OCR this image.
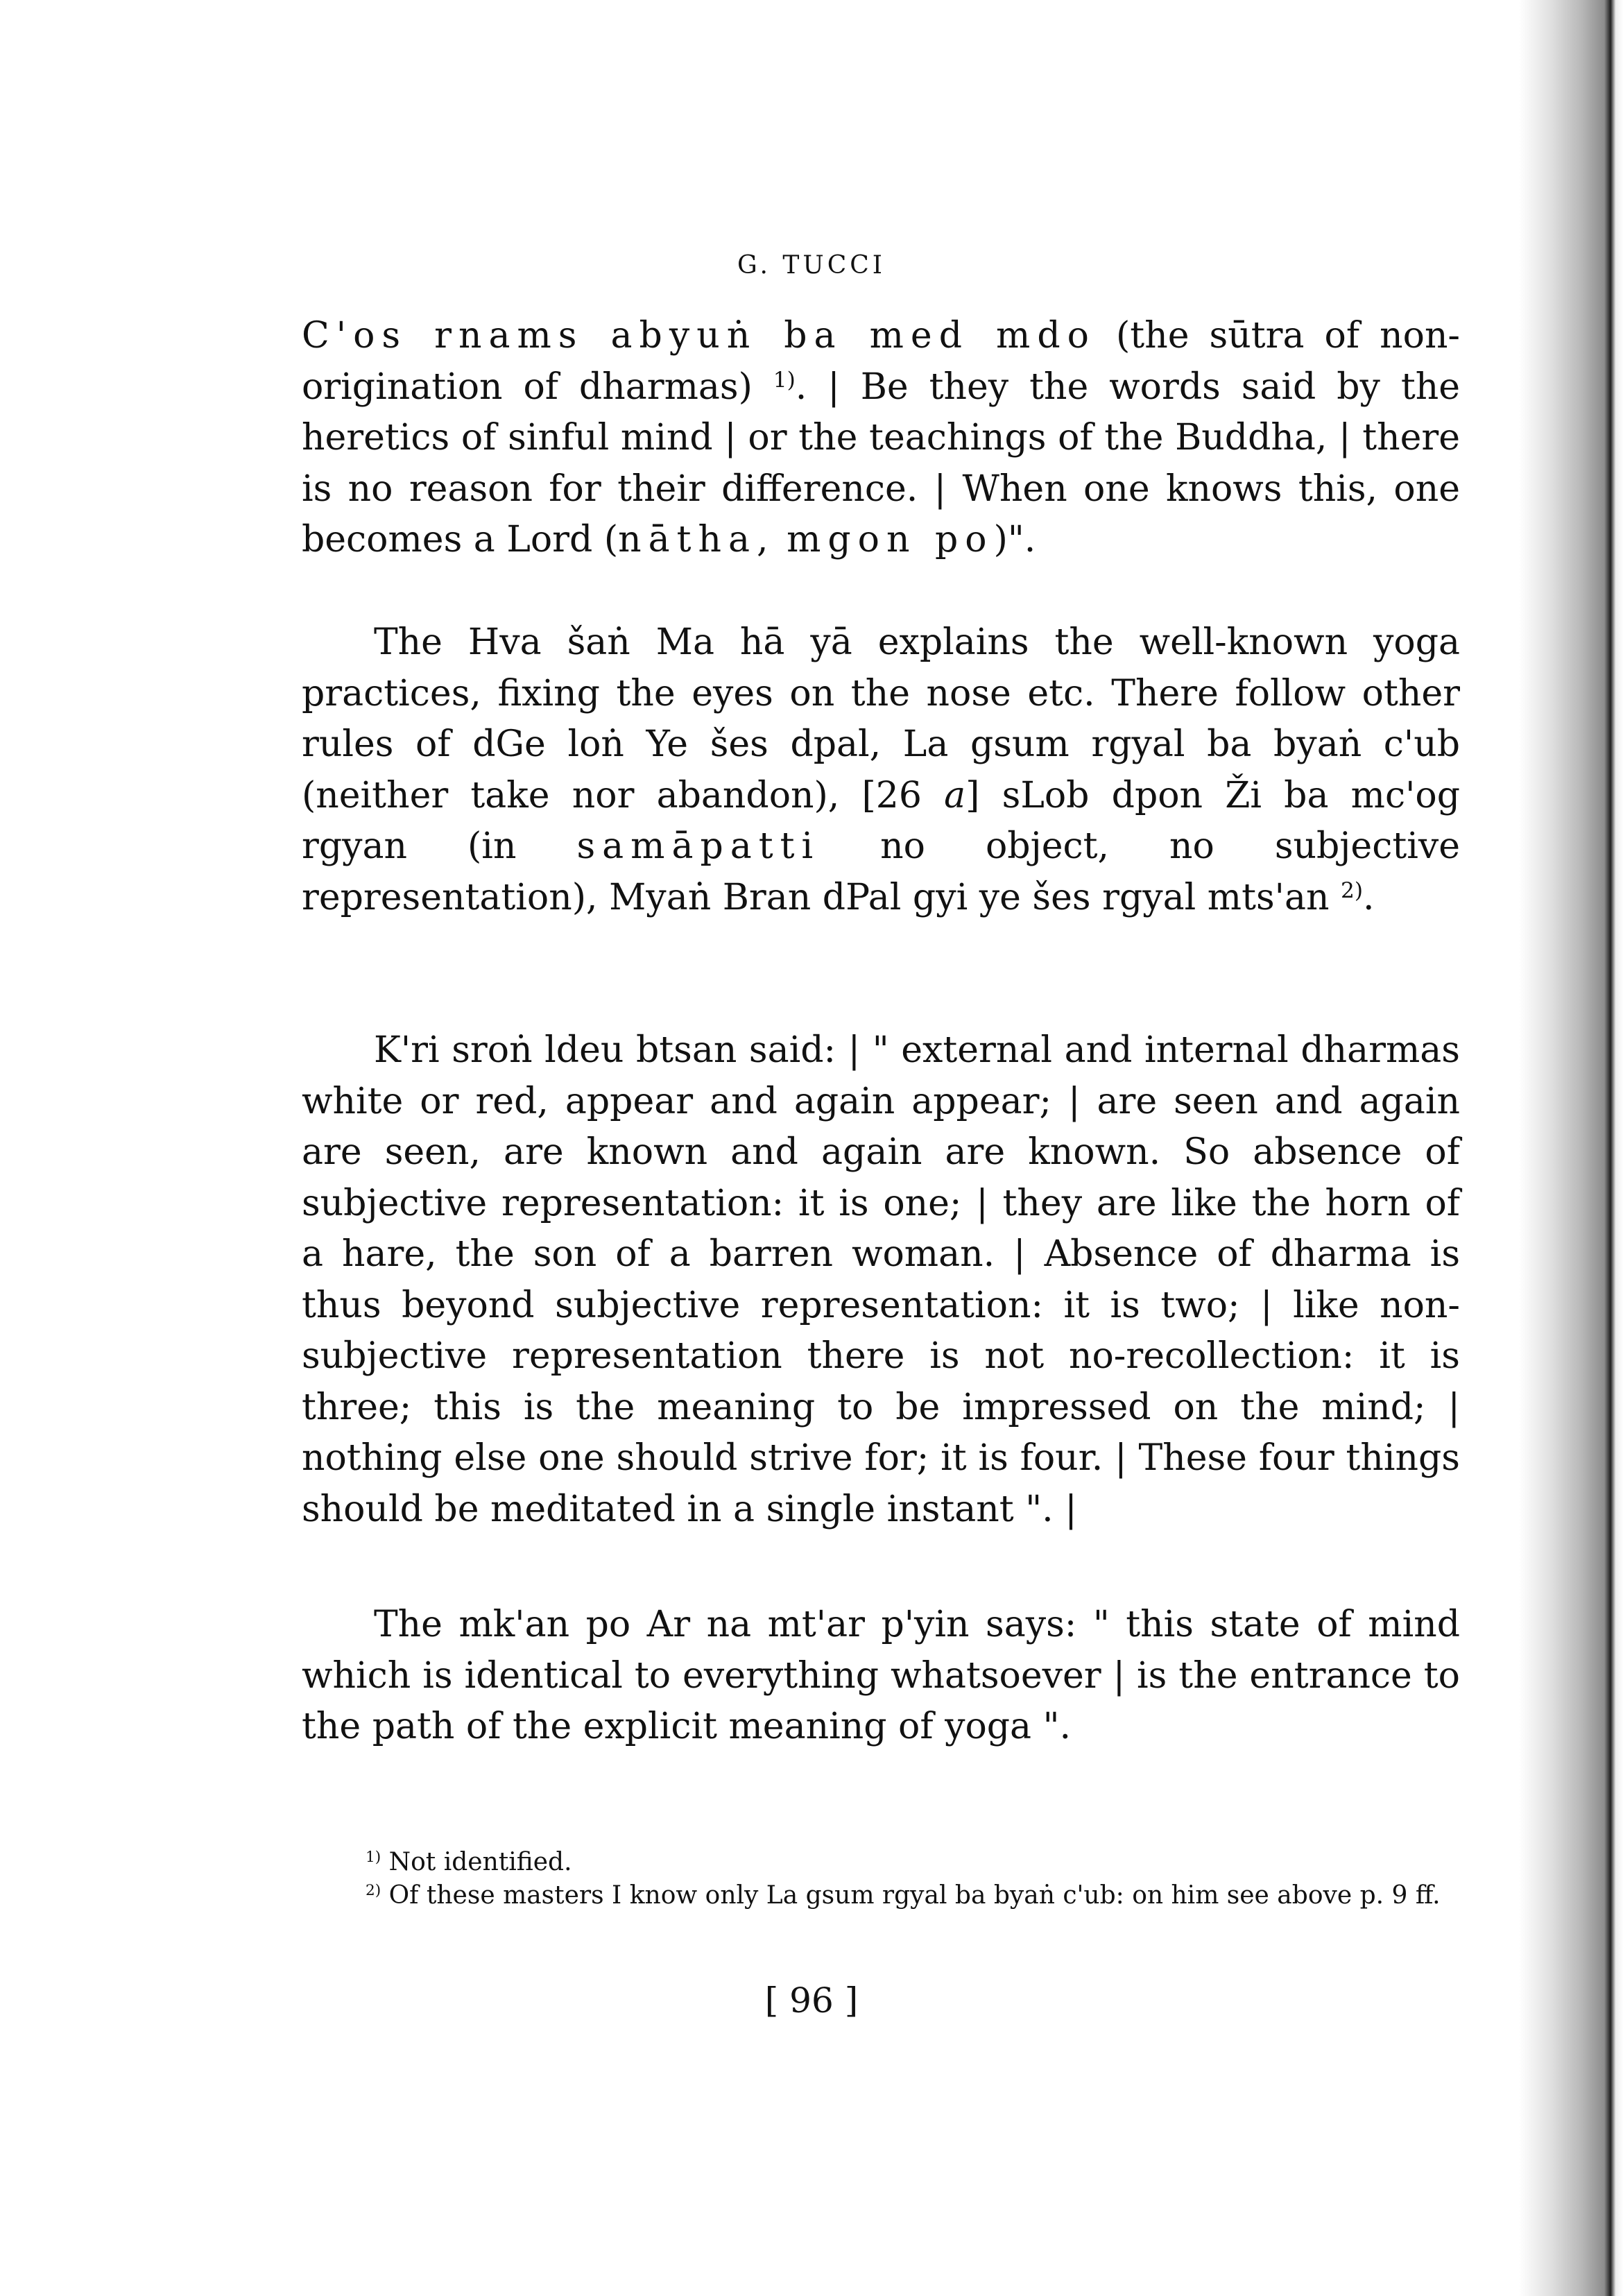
G. TUCCI

C'os rnams abyuṅ ba med mdo (the sūtra of non-origination of dharmas) $^{1)}$. | Be they the words said by the heretics of sinful mind | or the teachings of the Buddha, | there is no reason for their difference. | When one knows this, one becomes a Lord (nātha, mgon po)".

The Hva šaṅ Ma hā yā explains the well-known yoga practices, fixing the eyes on the nose etc. There follow other rules of dGe loṅ Ye šes dpal, La gsum rgyal ba byaṅ c'ub (neither take nor abandon), [26 a] sLob dpon Ži ba mc'og rgyan (in samāpatti no object, no subjective representation), Myaṅ Bran dPal gyi ye šes rgyal mts'an $^{2)}$.

K'ri sroṅ ldeu btsan said: | " external and internal dharmas white or red, appear and again appear; | are seen and again are seen, are known and again are known. So absence of subjective representation: it is one; | they are like the horn of a hare, the son of a barren woman. | Absence of dharma is thus beyond subjective representation: it is two; | like non-subjective representation there is not no-recollection: it is three; this is the meaning to be impressed on the mind; | nothing else one should strive for; it is four. | These four things should be meditated in a single instant ". |

The mk'an po Ar na mt'ar p'yin says: " this state of mind which is identical to everything whatsoever | is the entrance to the path of the explicit meaning of yoga ".

$^{1)}$ Not identified.

$^{2)}$ Of these masters I know only La gsum rgyal ba byaṅ c'ub: on him see above p. 9 ff.

[ 96 ]
